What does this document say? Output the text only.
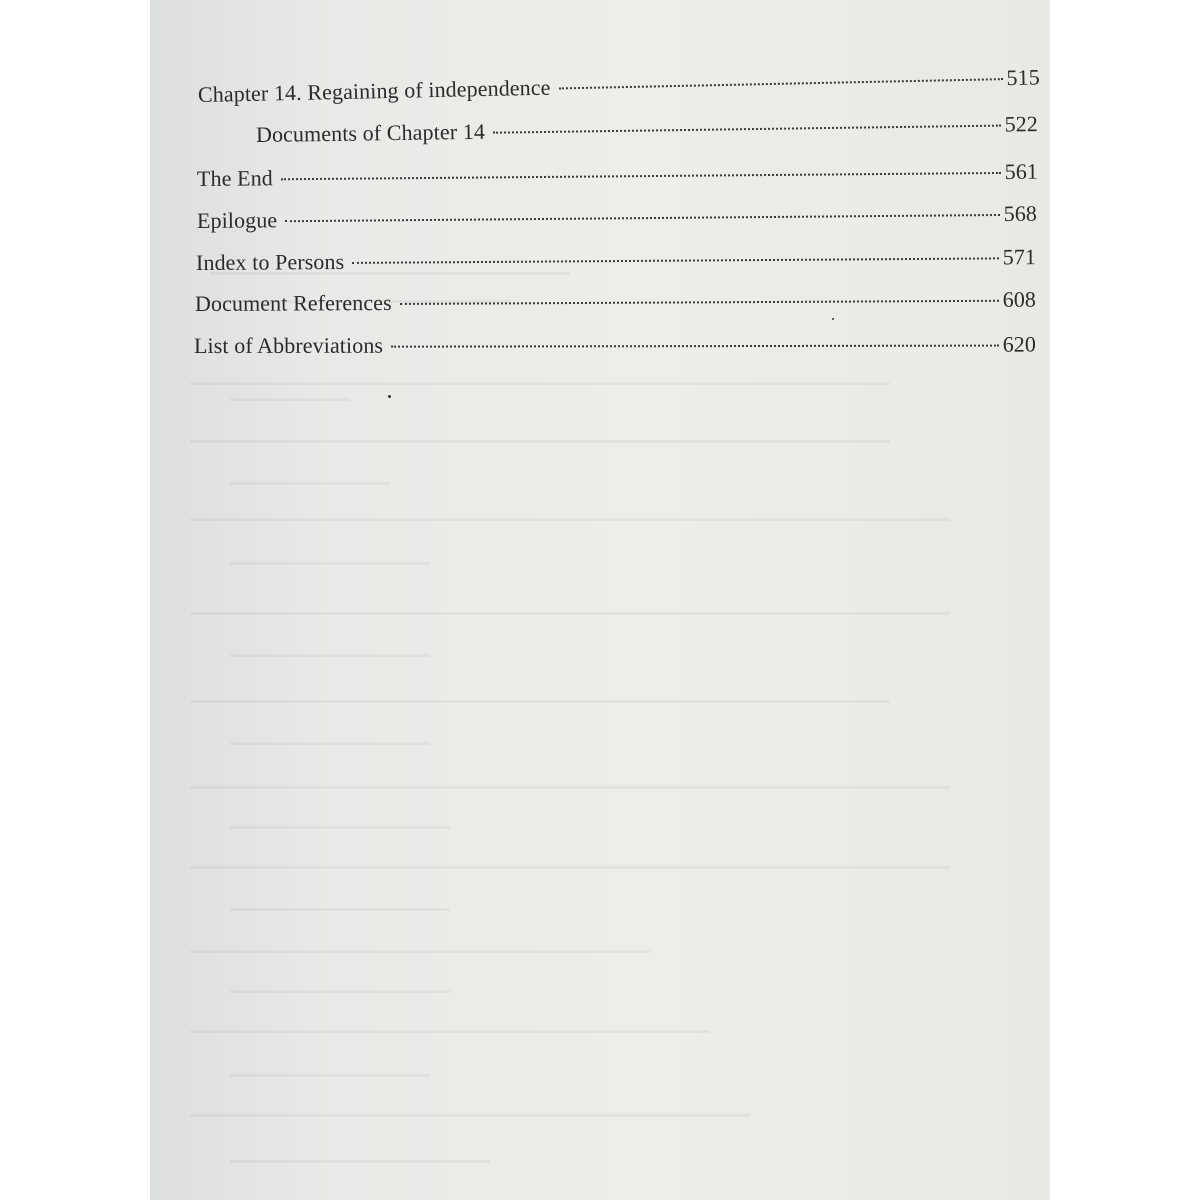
Chapter 14. Regaining of independence	515
Documents of Chapter 14	522
The End	561
Epilogue	568
Index to Persons	571
Document References	608
List of Abbreviations	620
